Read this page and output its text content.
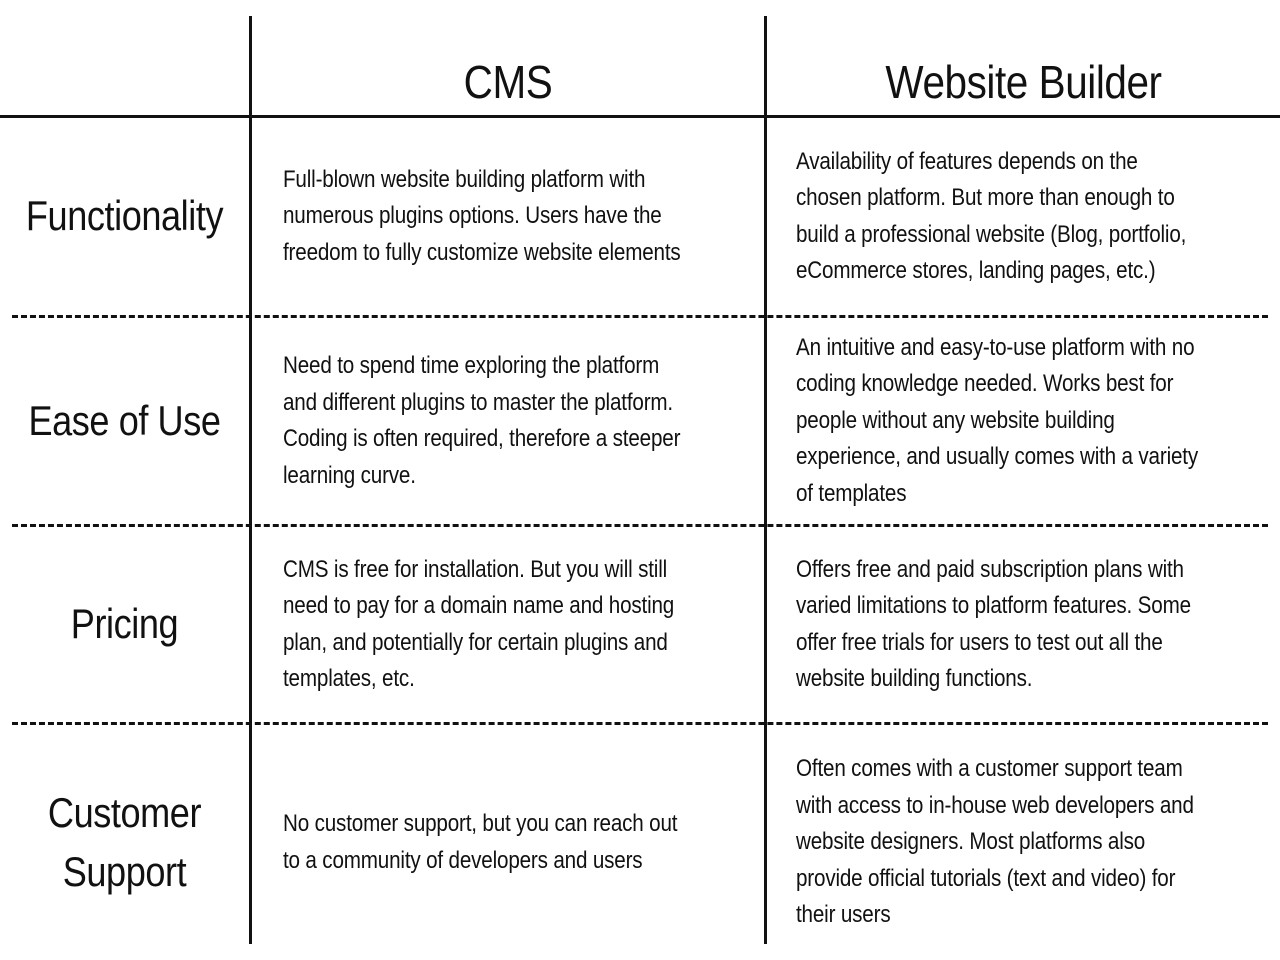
CMS	Website Builder
Functionality
Full-blown website building platform with numerous plugins options. Users have the freedom to fully customize website elements
Availability of features depends on the chosen platform. But more than enough to build a professional website (Blog, portfolio, eCommerce stores, landing pages, etc.)
Ease of Use
Need to spend time exploring the platform and different plugins to master the platform. Coding is often required, therefore a steeper learning curve.
An intuitive and easy-to-use platform with no coding knowledge needed. Works best for people without any website building experience, and usually comes with a variety of templates
Pricing
CMS is free for installation. But you will still need to pay for a domain name and hosting plan, and potentially for certain plugins and templates, etc.
Offers free and paid subscription plans with varied limitations to platform features. Some offer free trials for users to test out all the website building functions.
Customer
Support
No customer support, but you can reach out to a community of developers and users
Often comes with a customer support team with access to in-house web developers and website designers. Most platforms also provide official tutorials (text and video) for their users
